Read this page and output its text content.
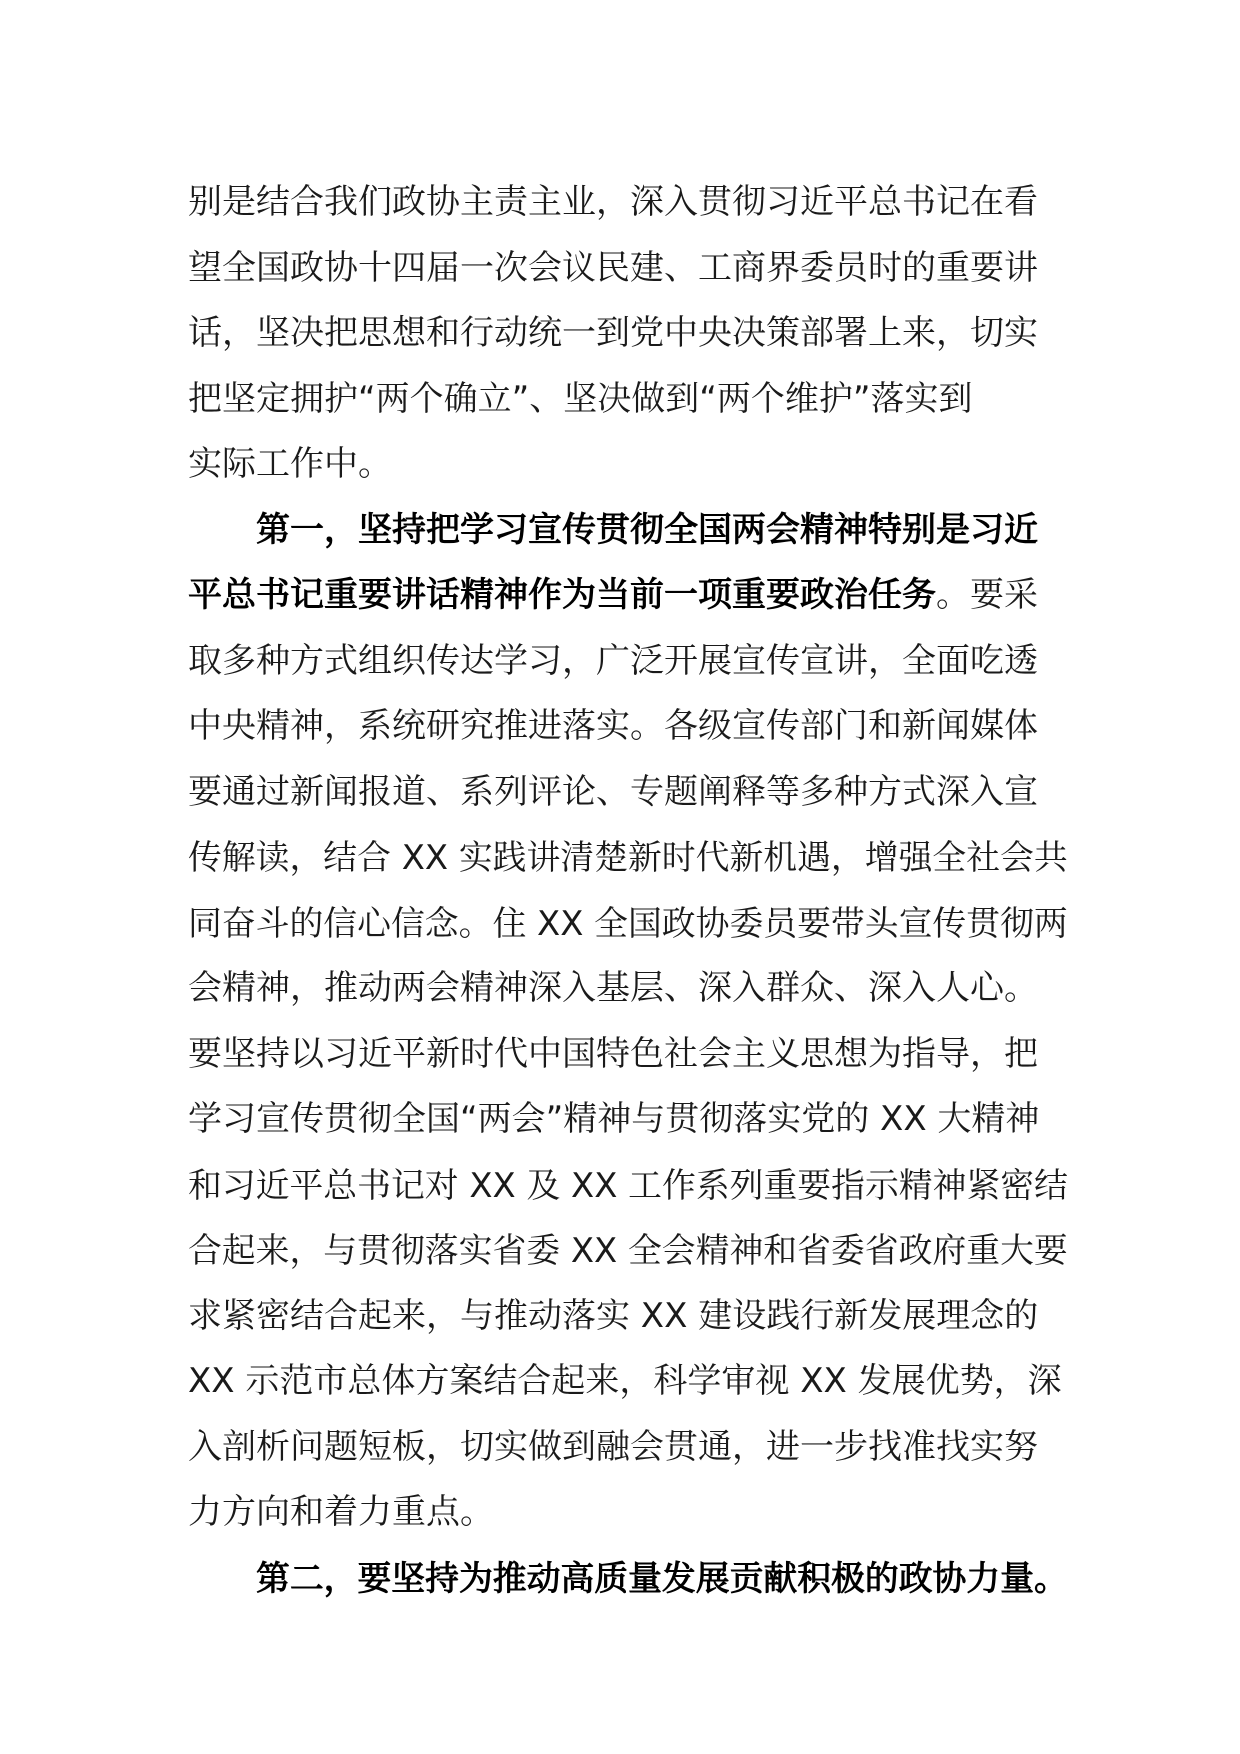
别是结合我们政协主责主业，深入贯彻习近平总书记在看
望全国政协十四届一次会议民建、工商界委员时的重要讲
话，坚决把思想和行动统一到党中央决策部署上来，切实
把坚定拥护“两个确立”、坚决做到“两个维护”落实到
实际工作中。
第一，坚持把学习宣传贯彻全国两会精神特别是习近
平总书记重要讲话精神作为当前一项重要政治任务。要采
取多种方式组织传达学习，广泛开展宣传宣讲，全面吃透
中央精神，系统研究推进落实。各级宣传部门和新闻媒体
要通过新闻报道、系列评论、专题阐释等多种方式深入宣
传解读，结合 XX 实践讲清楚新时代新机遇，增强全社会共
同奋斗的信心信念。住 XX 全国政协委员要带头宣传贯彻两
会精神，推动两会精神深入基层、深入群众、深入人心。
要坚持以习近平新时代中国特色社会主义思想为指导，把
学习宣传贯彻全国“两会”精神与贯彻落实党的 XX 大精神
和习近平总书记对 XX 及 XX 工作系列重要指示精神紧密结
合起来，与贯彻落实省委 XX 全会精神和省委省政府重大要
求紧密结合起来，与推动落实 XX 建设践行新发展理念的
XX 示范市总体方案结合起来，科学审视 XX 发展优势，深
入剖析问题短板，切实做到融会贯通，进一步找准找实努
力方向和着力重点。
第二，要坚持为推动高质量发展贡献积极的政协力量。
